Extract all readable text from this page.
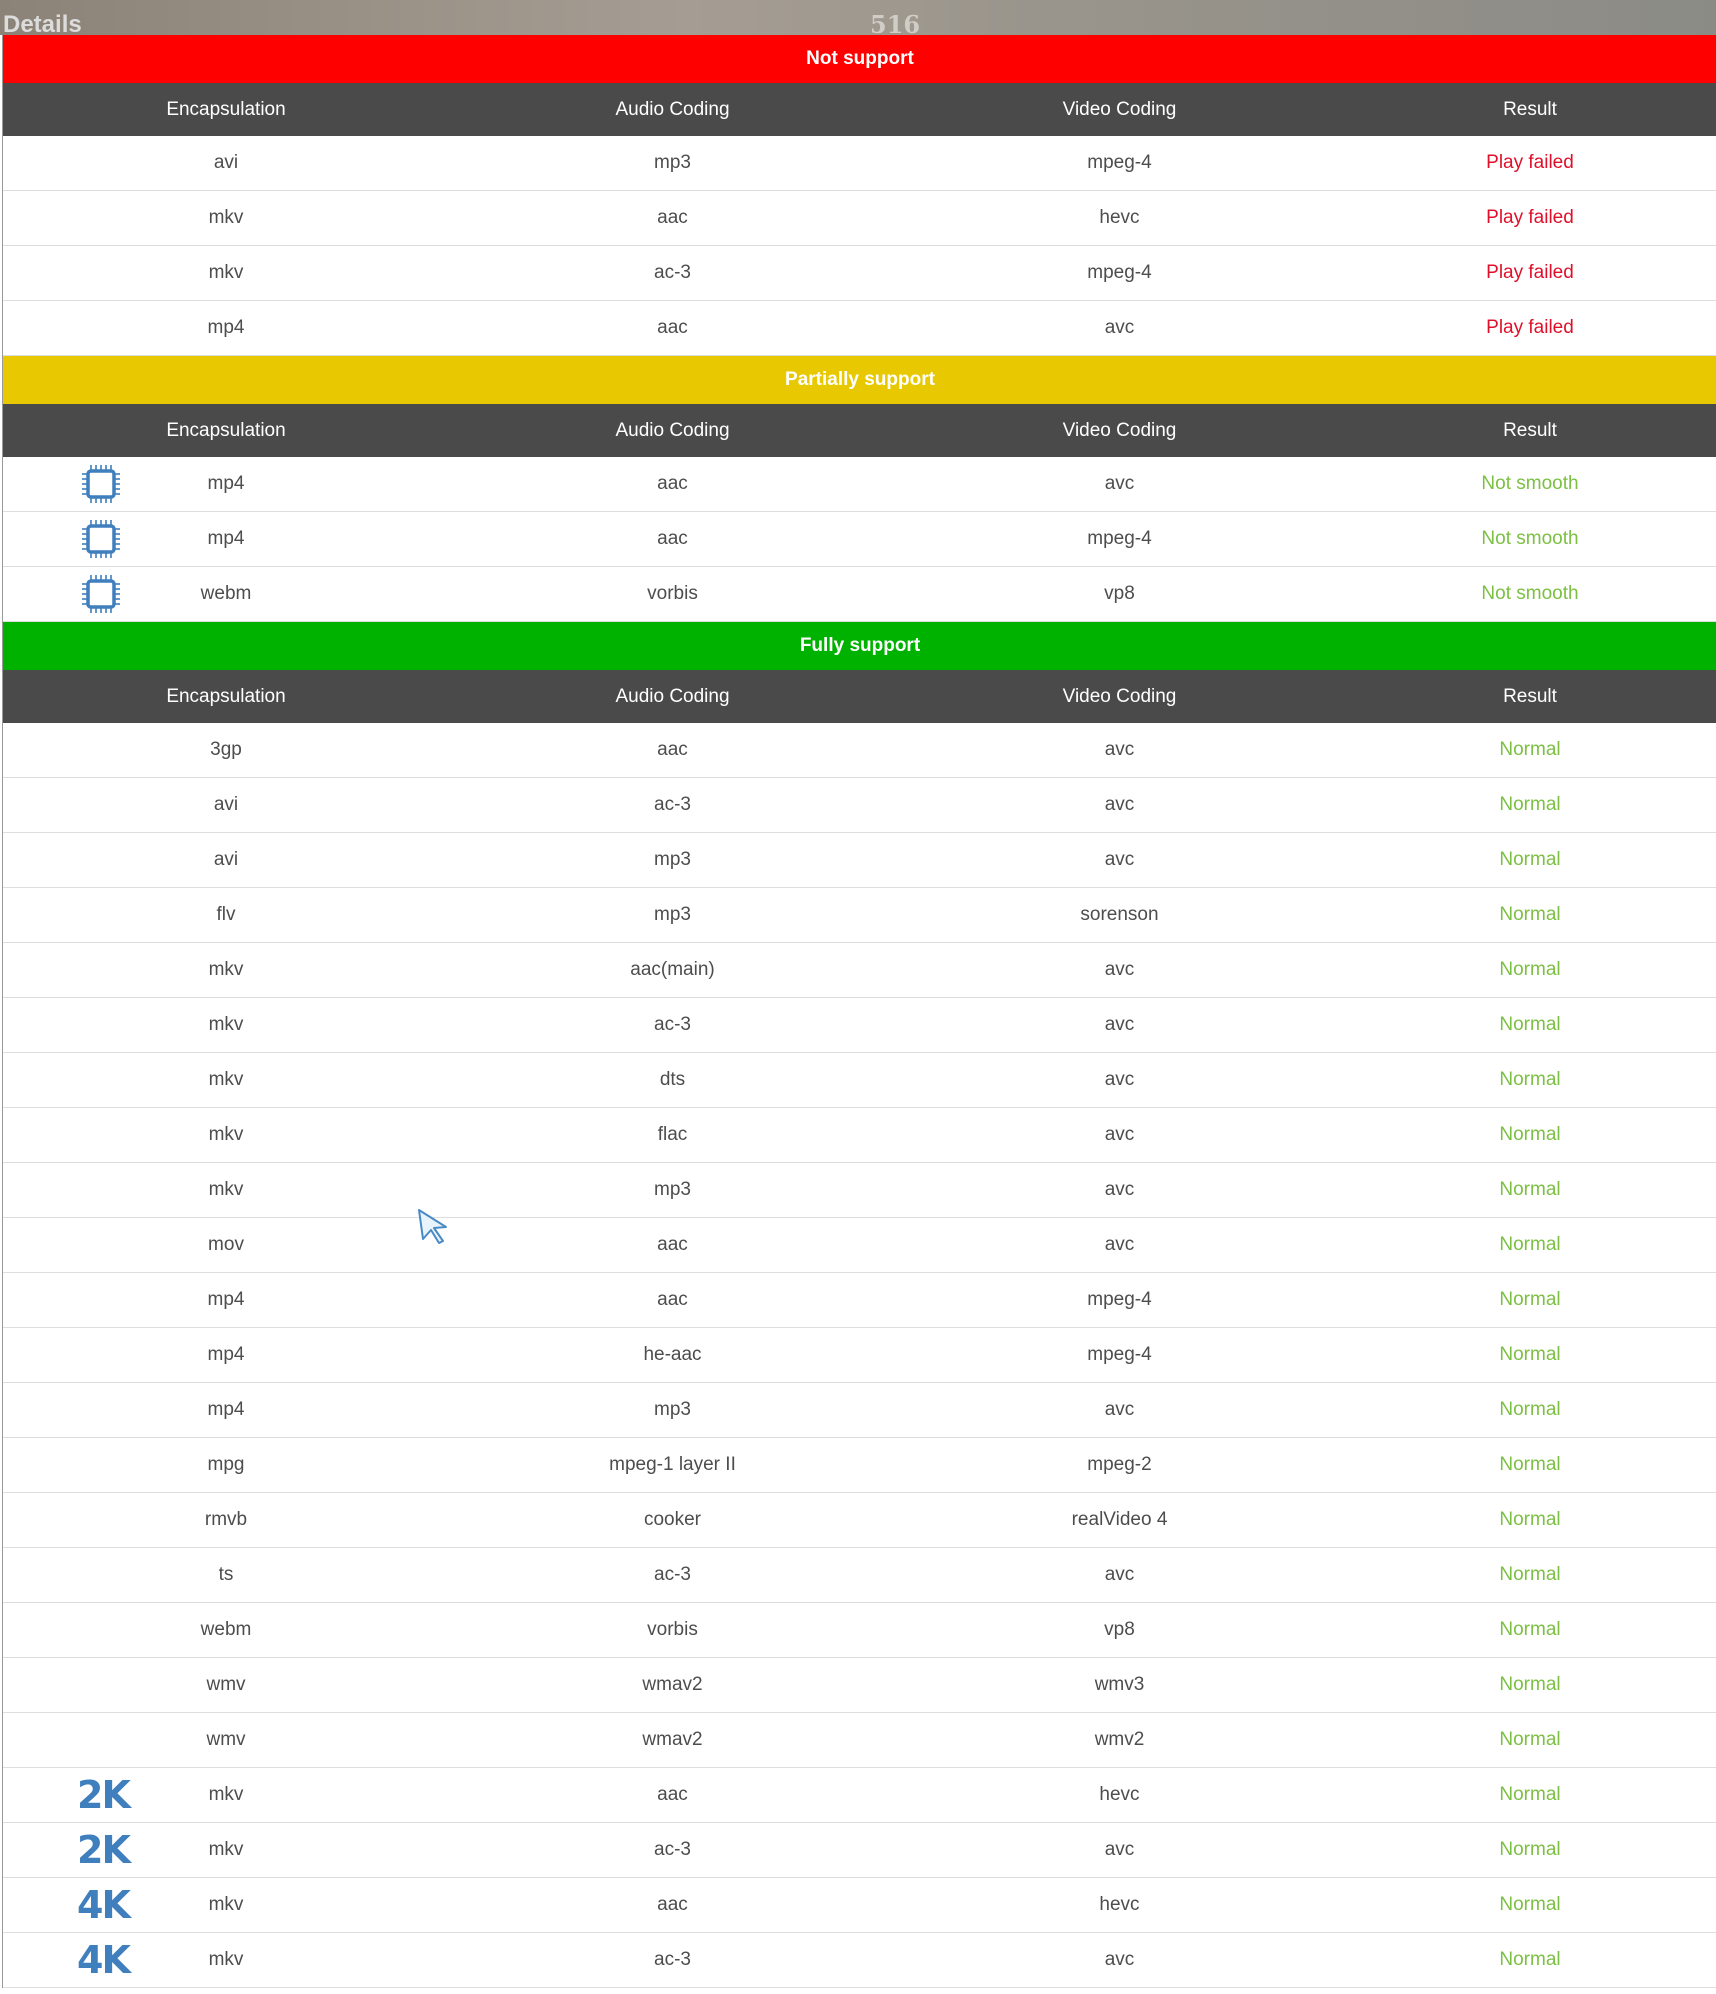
Details	516
Not support
Encapsulation	Audio Coding	Video Coding	Result
avi	mp3	mpeg-4	Play failed
mkv	aac	hevc	Play failed
mkv	ac-3	mpeg-4	Play failed
mp4	aac	avc	Play failed
Partially support
Encapsulation	Audio Coding	Video Coding	Result
mp4	aac	avc	Not smooth
mp4	aac	mpeg-4	Not smooth
webm	vorbis	vp8	Not smooth
Fully support
Encapsulation	Audio Coding	Video Coding	Result
3gp	aac	avc	Normal
avi	ac-3	avc	Normal
avi	mp3	avc	Normal
flv	mp3	sorenson	Normal
mkv	aac(main)	avc	Normal
mkv	ac-3	avc	Normal
mkv	dts	avc	Normal
mkv	flac	avc	Normal
mkv	mp3	avc	Normal
mov	aac	avc	Normal
mp4	aac	mpeg-4	Normal
mp4	he-aac	mpeg-4	Normal
mp4	mp3	avc	Normal
mpg	mpeg-1 layer II	mpeg-2	Normal
rmvb	cooker	realVideo 4	Normal
ts	ac-3	avc	Normal
webm	vorbis	vp8	Normal
wmv	wmav2	wmv3	Normal
wmv	wmav2	wmv2	Normal
2K	mkv	aac	hevc	Normal
2K	mkv	ac-3	avc	Normal
4K	mkv	aac	hevc	Normal
4K	mkv	ac-3	avc	Normal
